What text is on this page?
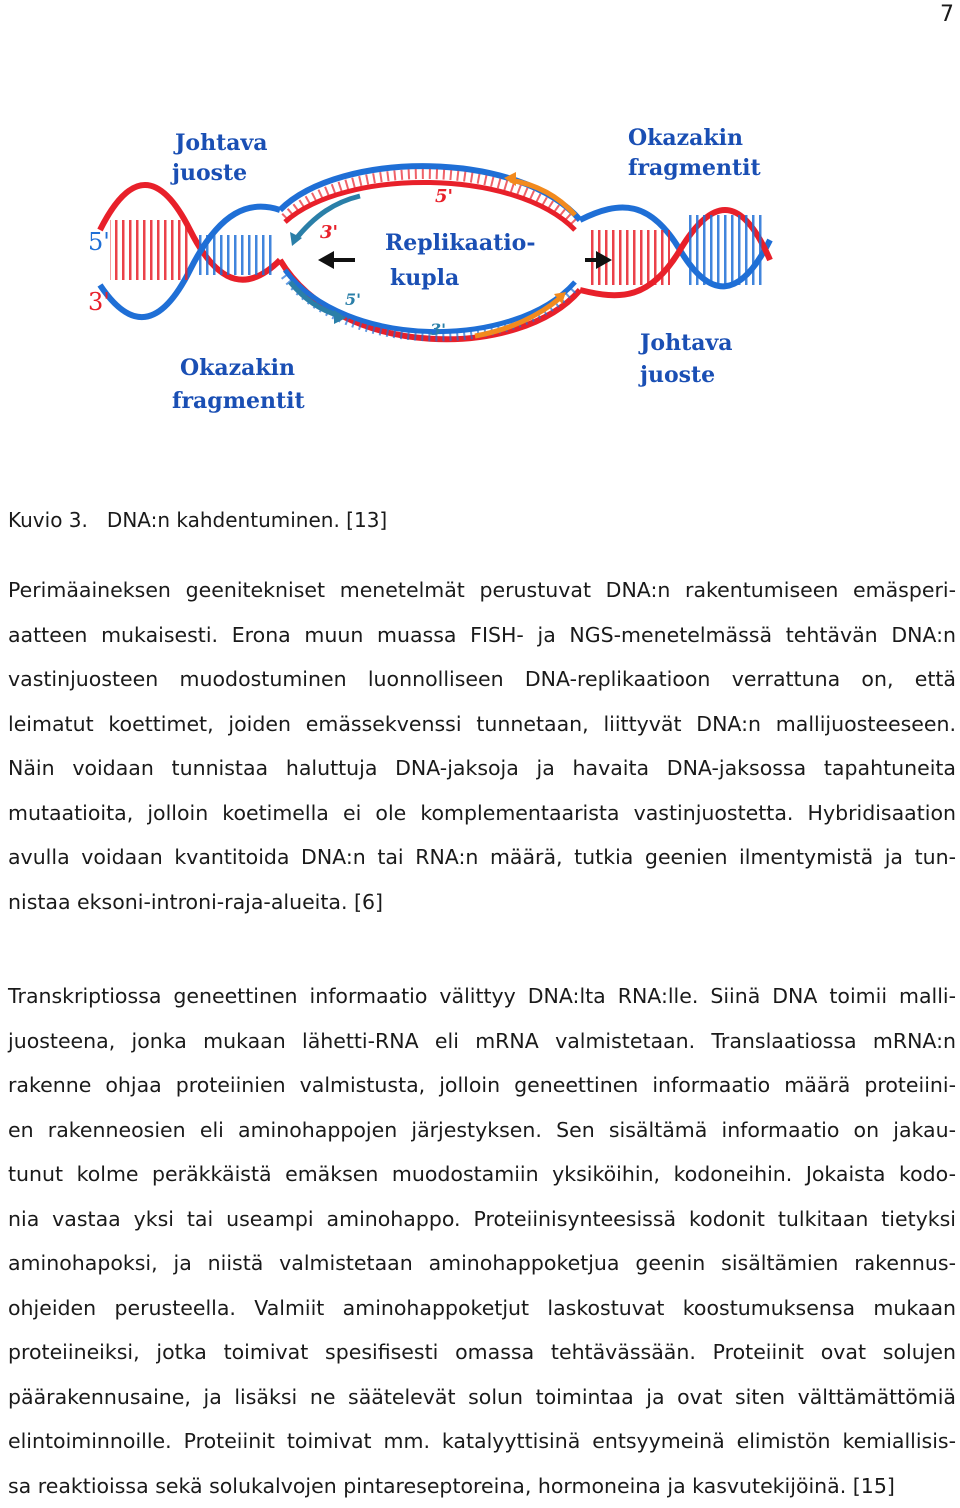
7
Johtava
juoste
Okazakin
fragmentit
Replikaatio-
kupla
Okazakin
fragmentit
Johtava
juoste
5'
3'
5'
3'
5'
3'
Kuvio 3.   DNA:n kahdentuminen. [13]
Perimäaineksen geenitekniset menetelmät perustuvat DNA:n rakentumiseen emäsperi-
aatteen mukaisesti. Erona muun muassa FISH- ja NGS-menetelmässä tehtävän DNA:n
vastinjuosteen muodostuminen luonnolliseen DNA-replikaatioon verrattuna on, että
leimatut koettimet, joiden emässekvenssi tunnetaan, liittyvät DNA:n mallijuosteeseen.
Näin voidaan tunnistaa haluttuja DNA-jaksoja ja havaita DNA-jaksossa tapahtuneita
mutaatioita, jolloin koetimella ei ole komplementaarista vastinjuostetta. Hybridisaation
avulla voidaan kvantitoida DNA:n tai RNA:n määrä, tutkia geenien ilmentymistä ja tun-
nistaa eksoni-introni-raja-alueita. [6]
Transkriptiossa geneettinen informaatio välittyy DNA:lta RNA:lle. Siinä DNA toimii malli-
juosteena, jonka mukaan lähetti-RNA eli mRNA valmistetaan. Translaatiossa mRNA:n
rakenne ohjaa proteiinien valmistusta, jolloin geneettinen informaatio määrä proteiini-
en rakenneosien eli aminohappojen järjestyksen. Sen sisältämä informaatio on jakau-
tunut kolme peräkkäistä emäksen muodostamiin yksiköihin, kodoneihin. Jokaista kodo-
nia vastaa yksi tai useampi aminohappo. Proteiinisynteesissä kodonit tulkitaan tietyksi
aminohapoksi, ja niistä valmistetaan aminohappoketjua geenin sisältämien rakennus-
ohjeiden perusteella. Valmiit aminohappoketjut laskostuvat koostumuksensa mukaan
proteiineiksi, jotka toimivat spesifisesti omassa tehtävässään. Proteiinit ovat solujen
päärakennusaine, ja lisäksi ne säätelevät solun toimintaa ja ovat siten välttämättömiä
elintoiminnoille. Proteiinit toimivat mm. katalyyttisinä entsyymeinä elimistön kemiallisis-
sa reaktioissa sekä solukalvojen pintareseptoreina, hormoneina ja kasvutekijöinä. [15]
